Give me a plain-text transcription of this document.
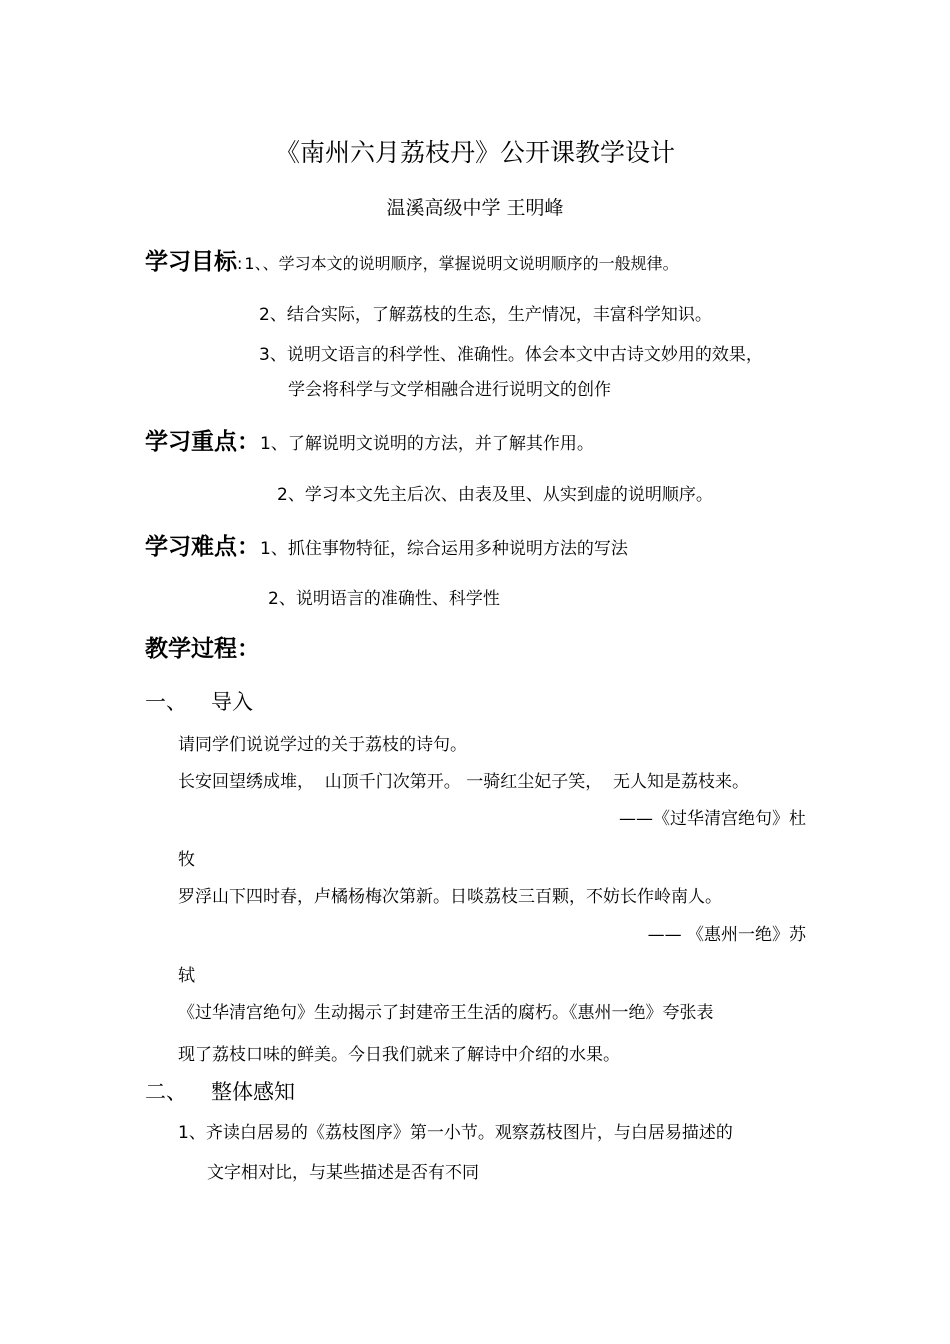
《南州六月荔枝丹》公开课教学设计
温溪高级中学 王明峰
学习目标: 1、、学习本文的说明顺序，掌握说明文说明顺序的一般规律。
2、结合实际，了解荔枝的生态，生产情况，丰富科学知识。
3、说明文语言的科学性、准确性。体会本文中古诗文妙用的效果，
学会将科学与文学相融合进行说明文的创作
学习重点：1、了解说明文说明的方法，并了解其作用。
2、学习本文先主后次、由表及里、从实到虚的说明顺序。
学习难点：1、抓住事物特征，综合运用多种说明方法的写法
2、说明语言的准确性、科学性
教学过程：
一、 导入
请同学们说说学过的关于荔枝的诗句。
长安回望绣成堆，  山顶千门次第开。 一骑红尘妃子笑，  无人知是荔枝来。
——《过华清宫绝句》杜
牧
罗浮山下四时春，卢橘杨梅次第新。日啖荔枝三百颗，不妨长作岭南人。
—— 《惠州一绝》苏
轼
《过华清宫绝句》生动揭示了封建帝王生活的腐朽。《惠州一绝》夸张表
现了荔枝口味的鲜美。今日我们就来了解诗中介绍的水果。
二、 整体感知
1、齐读白居易的《荔枝图序》第一小节。观察荔枝图片，与白居易描述的
文字相对比，与某些描述是否有不同
